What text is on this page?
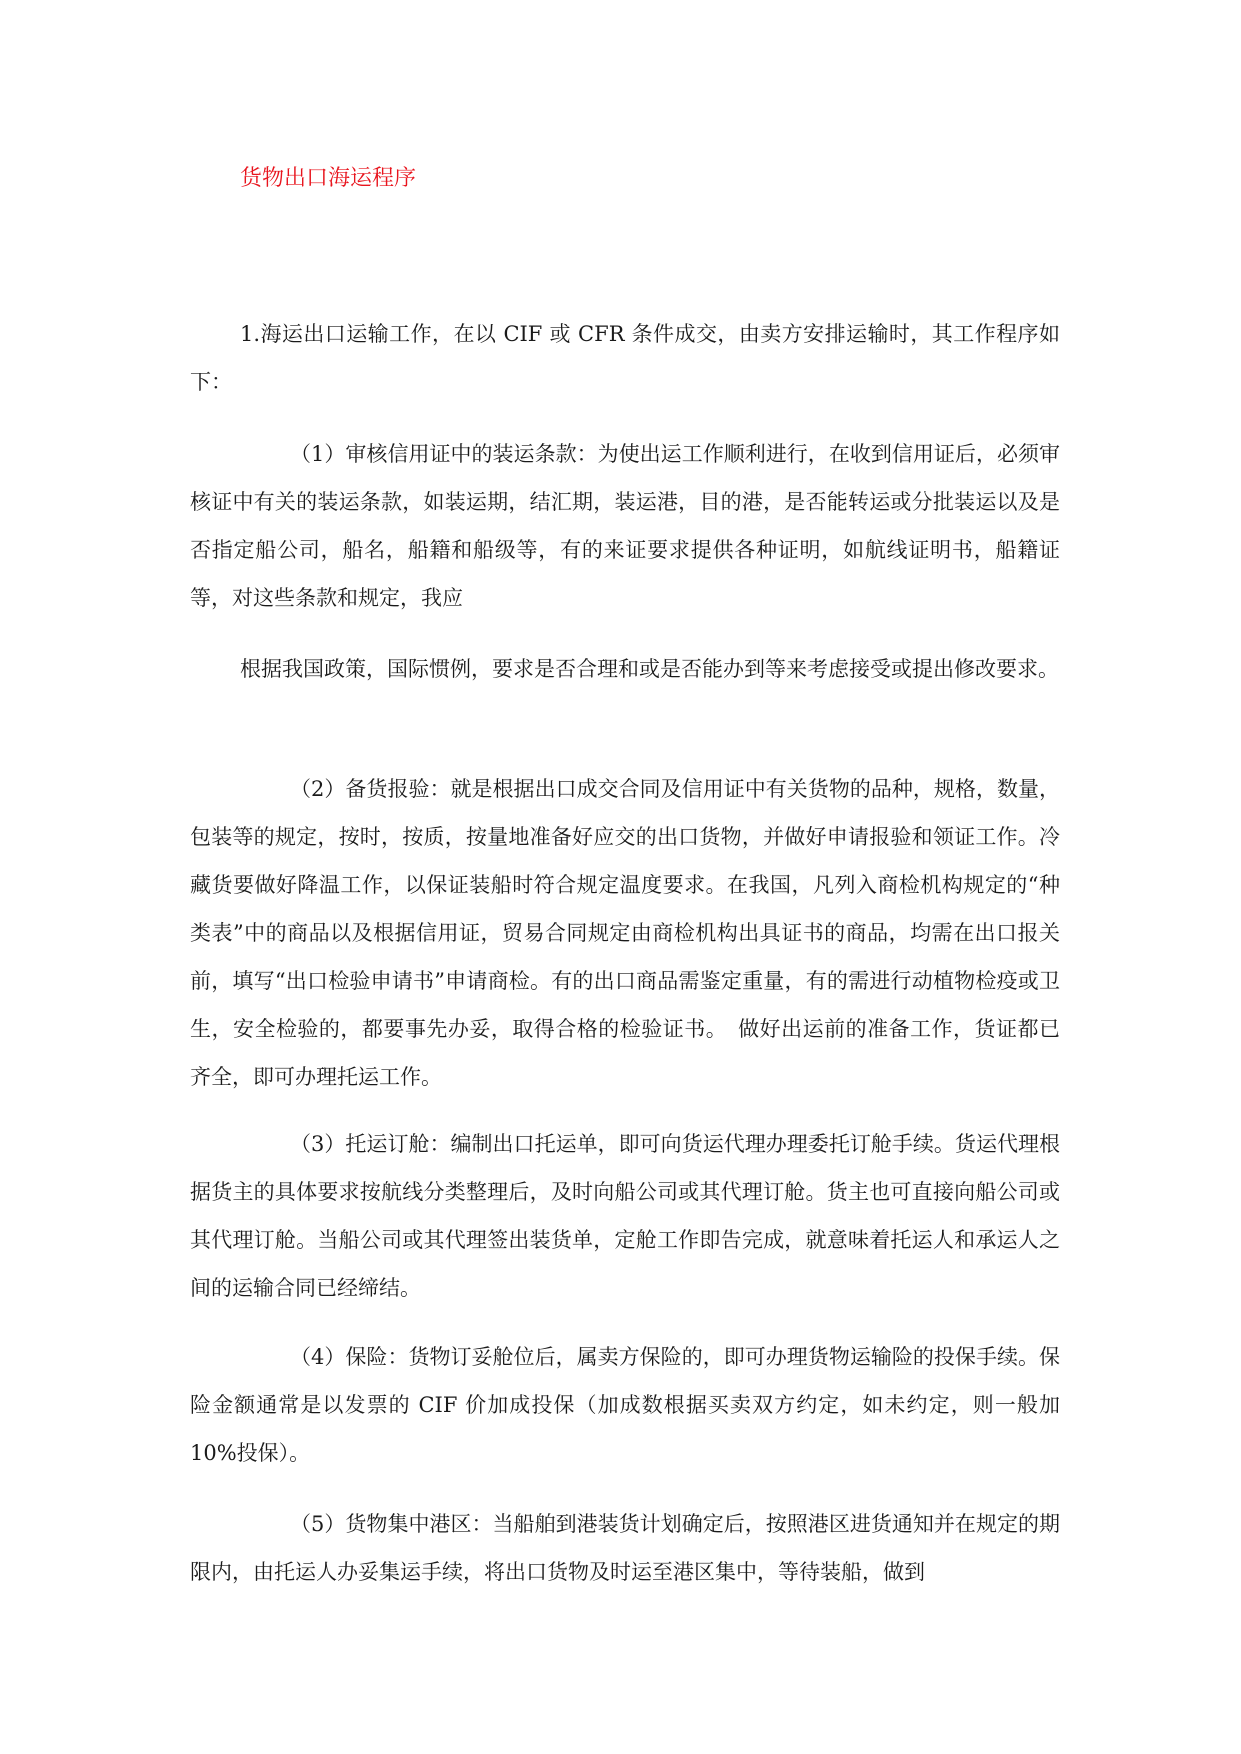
货物出口海运程序

1.海运出口运输工作，在以 CIF 或 CFR 条件成交，由卖方安排运输时，其工作程序如下：

（1）审核信用证中的装运条款：为使出运工作顺利进行，在收到信用证后，必须审核证中有关的装运条款，如装运期，结汇期，装运港，目的港，是否能转运或分批装运以及是否指定船公司，船名，船籍和船级等，有的来证要求提供各种证明，如航线证明书，船籍证等，对这些条款和规定，我应

根据我国政策，国际惯例，要求是否合理和或是否能办到等来考虑接受或提出修改要求。

（2）备货报验：就是根据出口成交合同及信用证中有关货物的品种，规格，数量，包装等的规定，按时，按质，按量地准备好应交的出口货物，并做好申请报验和领证工作。冷藏货要做好降温工作，以保证装船时符合规定温度要求。在我国，凡列入商检机构规定的“种类表”中的商品以及根据信用证，贸易合同规定由商检机构出具证书的商品，均需在出口报关前，填写“出口检验申请书”申请商检。有的出口商品需鉴定重量，有的需进行动植物检疫或卫生，安全检验的，都要事先办妥，取得合格的检验证书。　做好出运前的准备工作，货证都已齐全，即可办理托运工作。

（3）托运订舱：编制出口托运单，即可向货运代理办理委托订舱手续。货运代理根据货主的具体要求按航线分类整理后，及时向船公司或其代理订舱。货主也可直接向船公司或其代理订舱。当船公司或其代理签出装货单，定舱工作即告完成，就意味着托运人和承运人之间的运输合同已经缔结。

（4）保险：货物订妥舱位后，属卖方保险的，即可办理货物运输险的投保手续。保险金额通常是以发票的 CIF 价加成投保（加成数根据买卖双方约定，如未约定，则一般加 10%投保）。

（5）货物集中港区：当船舶到港装货计划确定后，按照港区进货通知并在规定的期限内，由托运人办妥集运手续，将出口货物及时运至港区集中，等待装船，做到
